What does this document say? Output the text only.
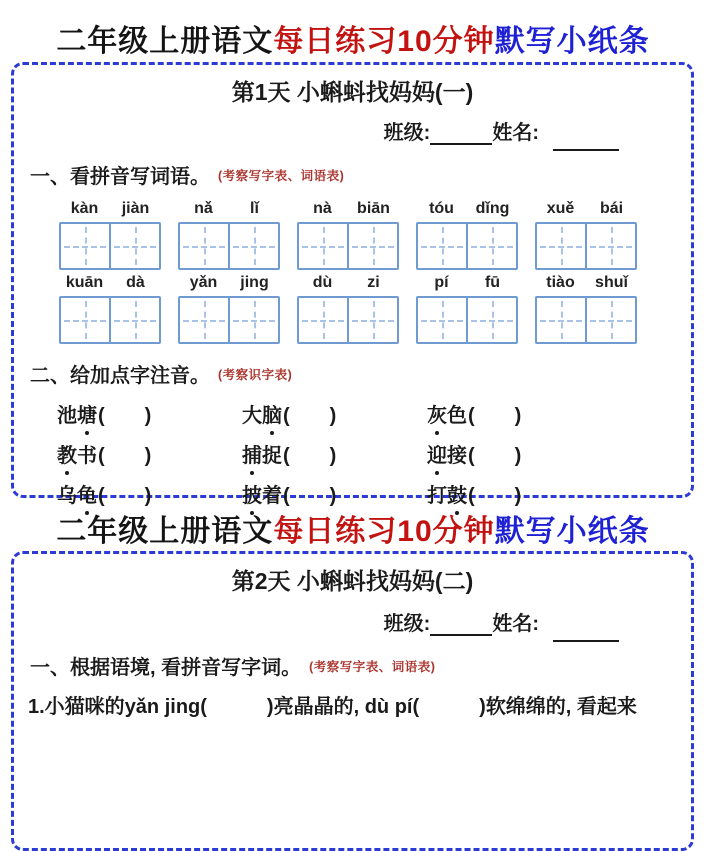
二年级上册语文每日练习10分钟默写小纸条
第1天 小蝌蚪找妈妈(一)
班级:	姓名:
一、看拼音写词语。 (考察写字表、词语表)
kàn	jiàn	nǎ	lǐ	nà	biān	tóu	dǐng	xuě	bái
kuān	dà	yǎn	jing	dù	zi	pí	fū	tiào	shuǐ
二、给加点字注音。 (考察识字表)
池塘(　　)	大脑(　　)	灰色(　　)
教书(　　)	捕捉(　　)	迎接(　　)
乌龟(　　)	披着(　　)	打鼓(　　)
二年级上册语文每日练习10分钟默写小纸条
第2天 小蝌蚪找妈妈(二)
班级:	姓名:
一、根据语境, 看拼音写字词。 (考察写字表、词语表)
1.小猫咪的yǎn jing(　　　)亮晶晶的, dù pí(　　　)软绵绵的, 看起来
